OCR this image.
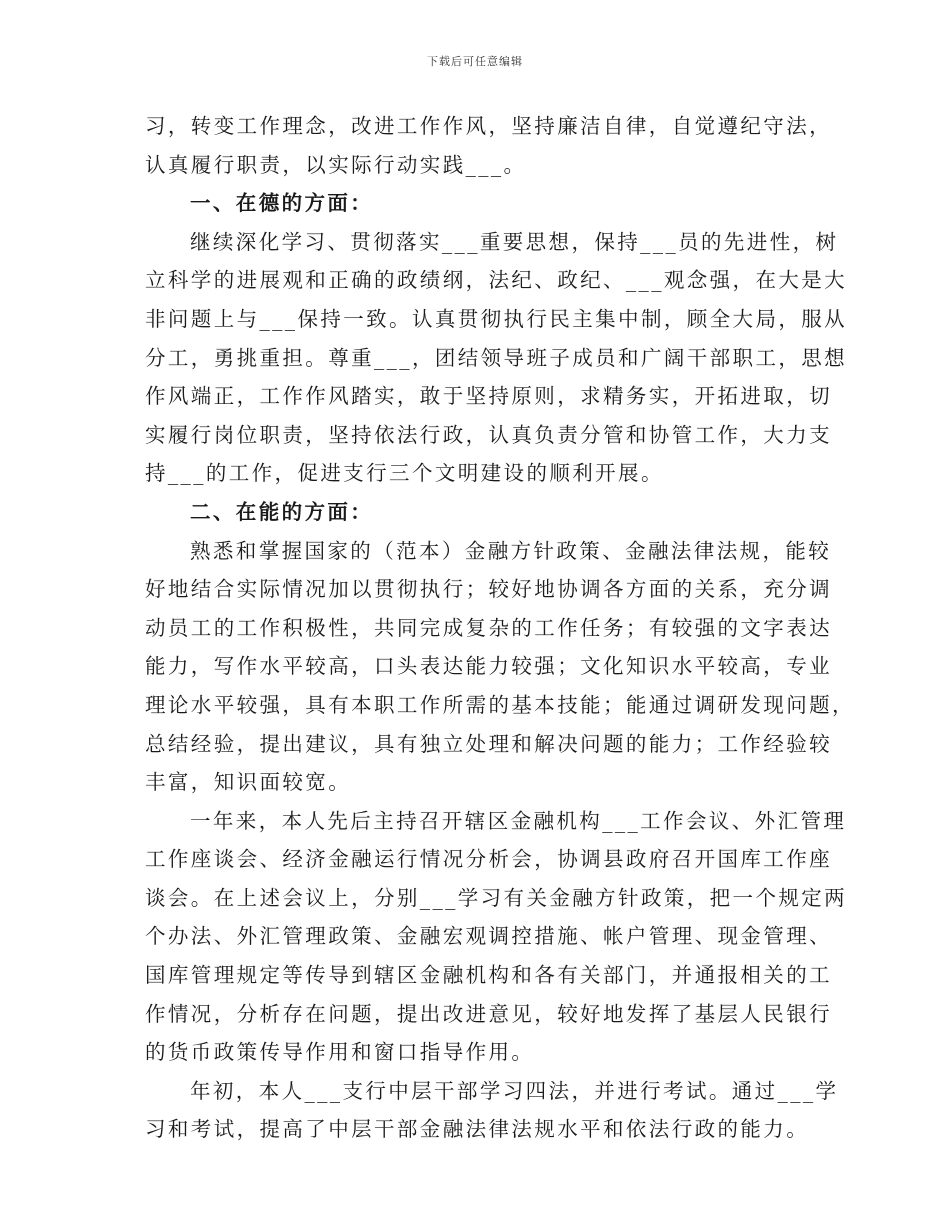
下载后可任意编辑

习，转变工作理念，改进工作作风，坚持廉洁自律，自觉遵纪守法，
认真履行职责，以实际行动实践___。

一、在德的方面：

继续深化学习、贯彻落实___重要思想，保持___员的先进性，树
立科学的进展观和正确的政绩纲，法纪、政纪、___观念强，在大是大
非问题上与___保持一致。认真贯彻执行民主集中制，顾全大局，服从
分工，勇挑重担。尊重___，团结领导班子成员和广阔干部职工，思想
作风端正，工作作风踏实，敢于坚持原则，求精务实，开拓进取，切
实履行岗位职责，坚持依法行政，认真负责分管和协管工作，大力支
持___的工作，促进支行三个文明建设的顺利开展。

二、在能的方面：

熟悉和掌握国家的（范本）金融方针政策、金融法律法规，能较
好地结合实际情况加以贯彻执行；较好地协调各方面的关系，充分调
动员工的工作积极性，共同完成复杂的工作任务；有较强的文字表达
能力，写作水平较高，口头表达能力较强；文化知识水平较高，专业
理论水平较强，具有本职工作所需的基本技能；能通过调研发现问题，
总结经验，提出建议，具有独立处理和解决问题的能力；工作经验较
丰富，知识面较宽。

一年来，本人先后主持召开辖区金融机构___工作会议、外汇管理
工作座谈会、经济金融运行情况分析会，协调县政府召开国库工作座
谈会。在上述会议上，分别___学习有关金融方针政策，把一个规定两
个办法、外汇管理政策、金融宏观调控措施、帐户管理、现金管理、
国库管理规定等传导到辖区金融机构和各有关部门，并通报相关的工
作情况，分析存在问题，提出改进意见，较好地发挥了基层人民银行
的货币政策传导作用和窗口指导作用。

年初，本人___支行中层干部学习四法，并进行考试。通过___学
习和考试，提高了中层干部金融法律法规水平和依法行政的能力。
